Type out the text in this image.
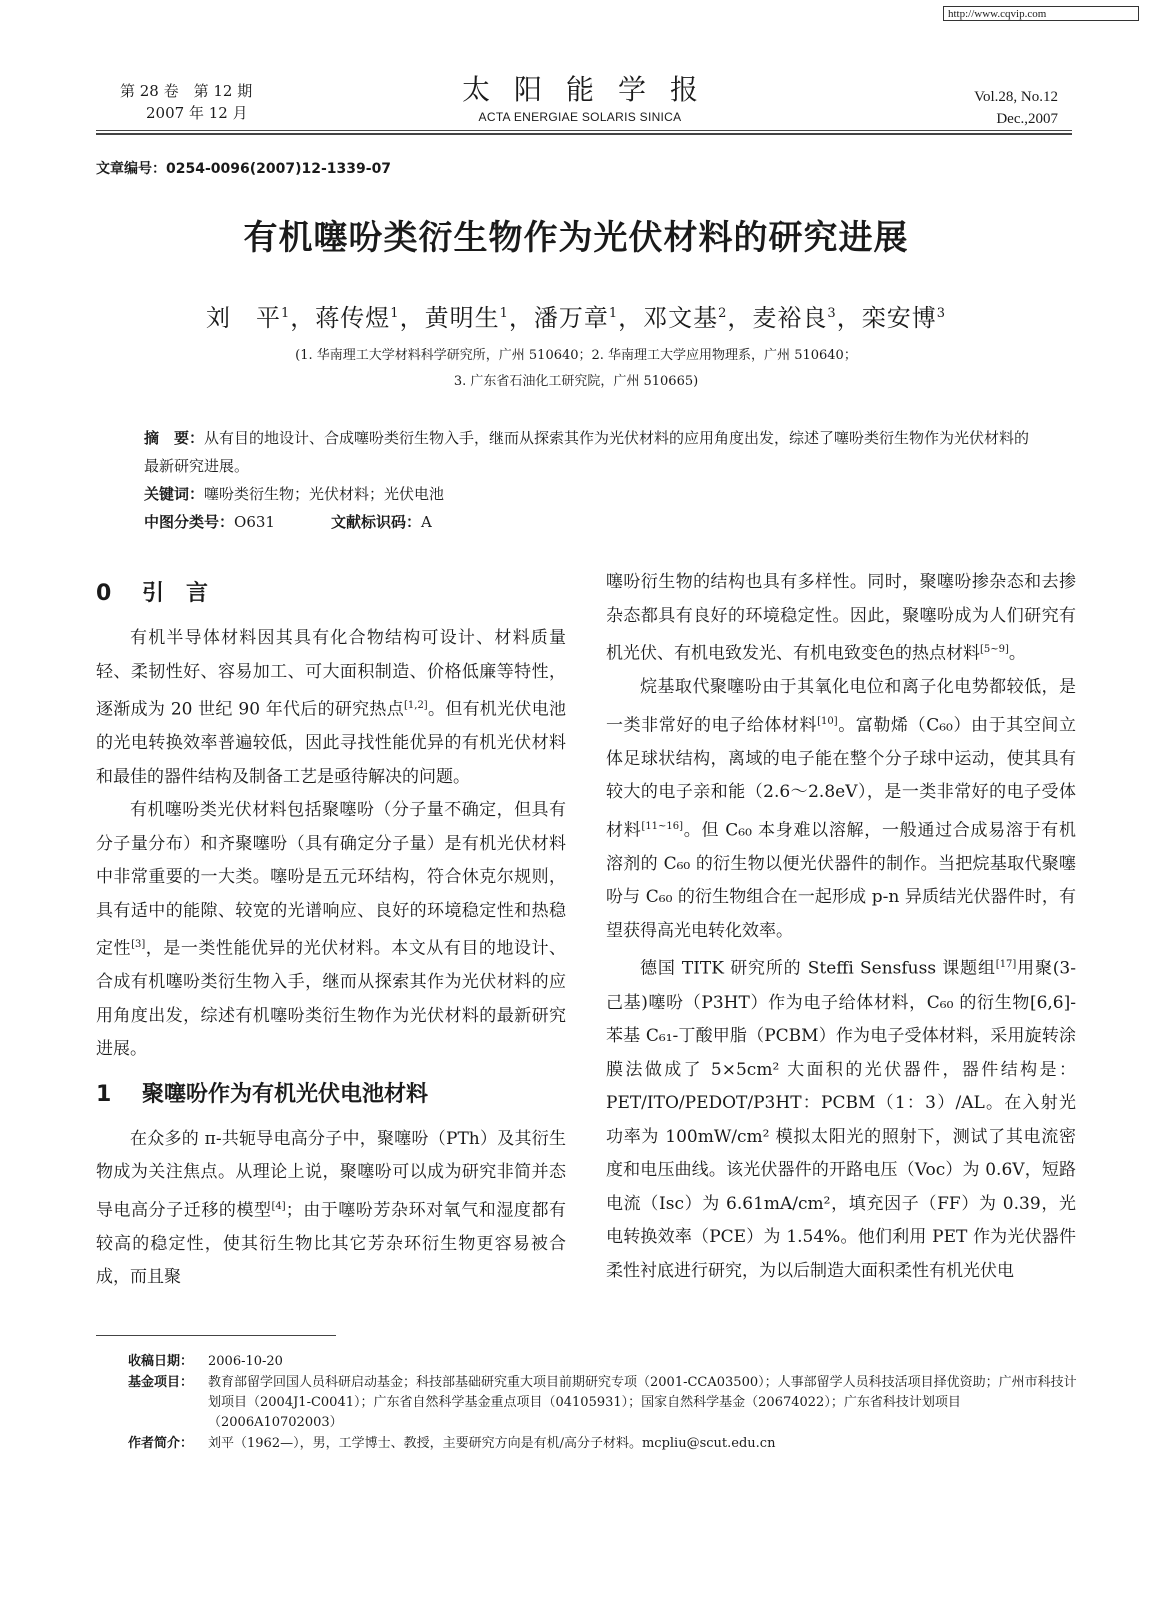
http://www.cqvip.com
第 28 卷　第 12 期
2007 年 12 月
太阳能学报
ACTA ENERGIAE SOLARIS SINICA
Vol.28, No.12
Dec.,2007
文章编号：0254-0096(2007)12-1339-07
有机噻吩类衍生物作为光伏材料的研究进展
刘　平$^1$，蒋传煜$^1$，黄明生$^1$，潘万章$^1$，邓文基$^2$，麦裕良$^3$，栾安博$^3$
(1. 华南理工大学材料科学研究所，广州 510640；2. 华南理工大学应用物理系，广州 510640；
3. 广东省石油化工研究院，广州 510665)
摘　要：从有目的地设计、合成噻吩类衍生物入手，继而从探索其作为光伏材料的应用角度出发，综述了噻吩类衍生物作为光伏材料的最新研究进展。
关键词：噻吩类衍生物；光伏材料；光伏电池
中图分类号：O631	文献标识码：A
0 引　言

有机半导体材料因其具有化合物结构可设计、材料质量轻、柔韧性好、容易加工、可大面积制造、价格低廉等特性，逐渐成为 20 世纪 90 年代后的研究热点[1,2]。但有机光伏电池的光电转换效率普遍较低，因此寻找性能优异的有机光伏材料和最佳的器件结构及制备工艺是亟待解决的问题。

有机噻吩类光伏材料包括聚噻吩（分子量不确定，但具有分子量分布）和齐聚噻吩（具有确定分子量）是有机光伏材料中非常重要的一大类。噻吩是五元环结构，符合休克尔规则，具有适中的能隙、较宽的光谱响应、良好的环境稳定性和热稳定性[3]，是一类性能优异的光伏材料。本文从有目的地设计、合成有机噻吩类衍生物入手，继而从探索其作为光伏材料的应用角度出发，综述有机噻吩类衍生物作为光伏材料的最新研究进展。

1 聚噻吩作为有机光伏电池材料

在众多的 π-共轭导电高分子中，聚噻吩（PTh）及其衍生物成为关注焦点。从理论上说，聚噻吩可以成为研究非简并态导电高分子迁移的模型[4]；由于噻吩芳杂环对氧气和湿度都有较高的稳定性，使其衍生物比其它芳杂环衍生物更容易被合成，而且聚

噻吩衍生物的结构也具有多样性。同时，聚噻吩掺杂态和去掺杂态都具有良好的环境稳定性。因此，聚噻吩成为人们研究有机光伏、有机电致发光、有机电致变色的热点材料[5~9]。

烷基取代聚噻吩由于其氧化电位和离子化电势都较低，是一类非常好的电子给体材料[10]。富勒烯（C₆₀）由于其空间立体足球状结构，离域的电子能在整个分子球中运动，使其具有较大的电子亲和能（2.6～2.8eV），是一类非常好的电子受体材料[11~16]。但 C₆₀ 本身难以溶解，一般通过合成易溶于有机溶剂的 C₆₀ 的衍生物以便光伏器件的制作。当把烷基取代聚噻吩与 C₆₀ 的衍生物组合在一起形成 p-n 异质结光伏器件时，有望获得高光电转化效率。

德国 TITK 研究所的 Steffi Sensfuss 课题组[17]用聚(3-己基)噻吩（P3HT）作为电子给体材料，C₆₀ 的衍生物[6,6]-苯基 C₆₁-丁酸甲脂（PCBM）作为电子受体材料，采用旋转涂膜法做成了 5×5cm² 大面积的光伏器件，器件结构是：PET/ITO/PEDOT/P3HT：PCBM（1：3）/AL。在入射光功率为 100mW/cm² 模拟太阳光的照射下，测试了其电流密度和电压曲线。该光伏器件的开路电压（Voc）为 0.6V，短路电流（Isc）为 6.61mA/cm²，填充因子（FF）为 0.39，光电转换效率（PCE）为 1.54%。他们利用 PET 作为光伏器件柔性衬底进行研究，为以后制造大面积柔性有机光伏电

收稿日期：	2006-10-20
基金项目：	教育部留学回国人员科研启动基金；科技部基础研究重大项目前期研究专项（2001-CCA03500）；人事部留学人员科技活项目择优资助；广州市科技计划项目（2004J1-C0041）；广东省自然科学基金重点项目（04105931）；国家自然科学基金（20674022）；广东省科技计划项目（2006A10702003）
作者简介：	刘平（1962—），男，工学博士、教授，主要研究方向是有机/高分子材料。mcpliu@scut.edu.cn
